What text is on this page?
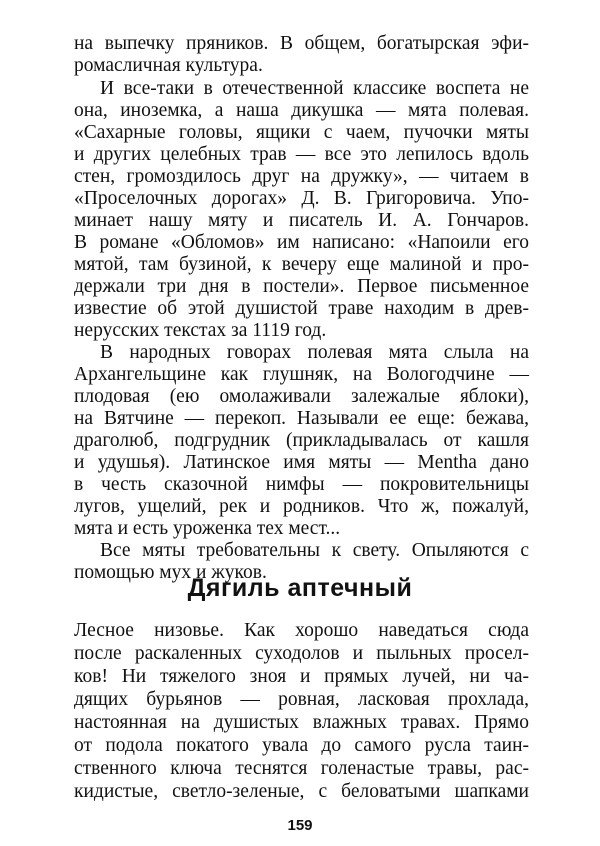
на выпечку пряников. В общем, богатырская эфи-
ромасличная культура.
И все-таки в отечественной классике воспета не
она, иноземка, а наша дикушка — мята полевая.
«Сахарные головы, ящики с чаем, пучочки мяты
и других целебных трав — все это лепилось вдоль
стен, громоздилось друг на дружку», — читаем в
«Проселочных дорогах» Д. В. Григоровича. Упо-
минает нашу мяту и писатель И. А. Гончаров.
В романе «Обломов» им написано: «Напоили его
мятой, там бузиной, к вечеру еще малиной и про-
держали три дня в постели». Первое письменное
известие об этой душистой траве находим в древ-
нерусских текстах за 1119 год.
В народных говорах полевая мята слыла на
Архангельщине как глушняк, на Вологодчине —
плодовая (ею омолаживали залежалые яблоки),
на Вятчине — перекоп. Называли ее еще: бежава,
драголюб, подгрудник (прикладывалась от кашля
и удушья). Латинское имя мяты — Mentha дано
в честь сказочной нимфы — покровительницы
лугов, ущелий, рек и родников. Что ж, пожалуй,
мята и есть уроженка тех мест...
Все мяты требовательны к свету. Опыляются с
помощью мух и жуков.
Дягиль аптечный
Лесное низовье. Как хорошо наведаться сюда
после раскаленных суходолов и пыльных просел-
ков! Ни тяжелого зноя и прямых лучей, ни ча-
дящих бурьянов — ровная, ласковая прохлада,
настоянная на душистых влажных травах. Прямо
от подола покатого увала до самого русла таин-
ственного ключа теснятся голенастые травы, рас-
кидистые, светло-зеленые, с беловатыми шапками
159
